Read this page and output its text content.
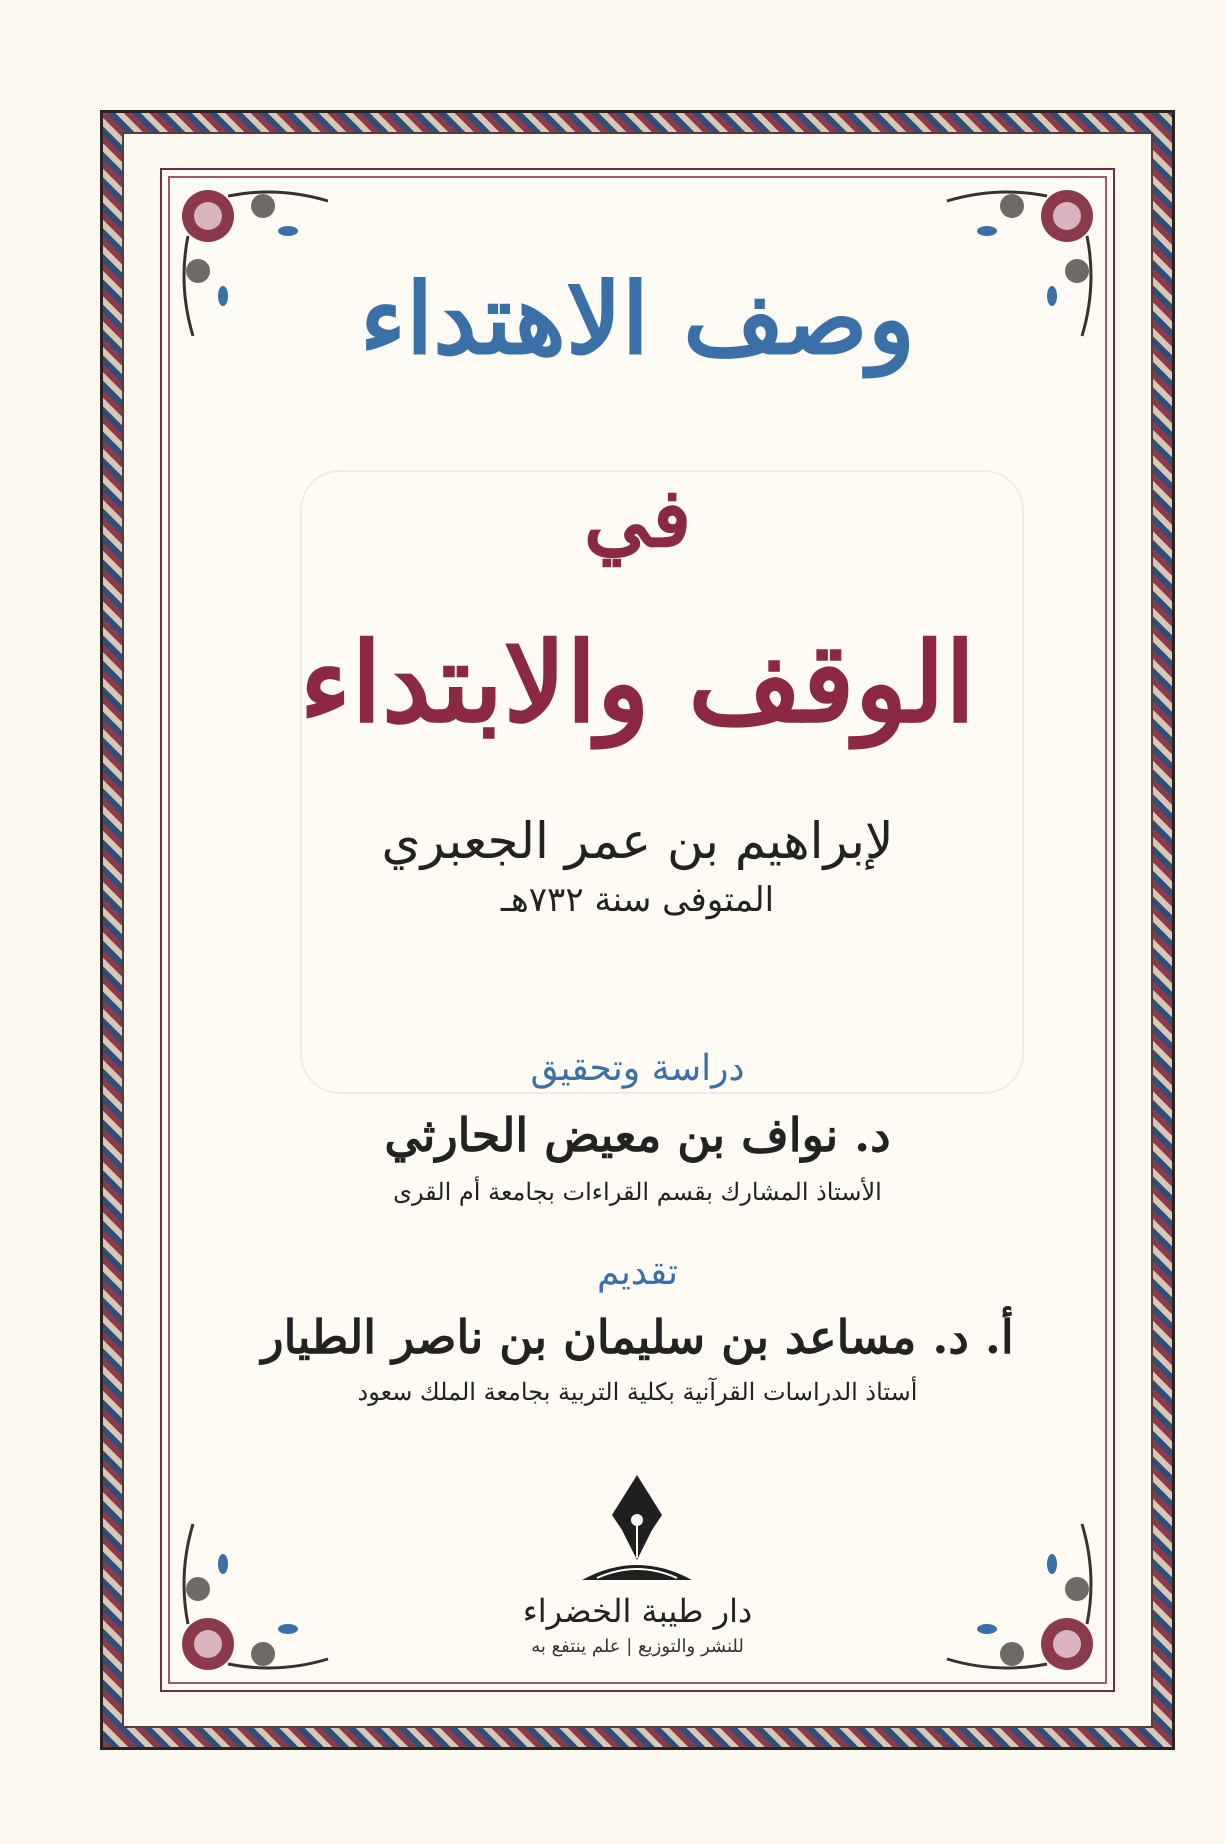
وصف الاهتداء
في
الوقف والابتداء
لإبراهيم بن عمر الجعبري
المتوفى سنة ٧٣٢هـ
دراسة وتحقيق
د. نواف بن معيض الحارثي
الأستاذ المشارك بقسم القراءات بجامعة أم القرى
تقديم
أ. د. مساعد بن سليمان بن ناصر الطيار
أستاذ الدراسات القرآنية بكلية التربية بجامعة الملك سعود
دار طيبة الخضراء
للنشر والتوزيع | علم ينتفع به
